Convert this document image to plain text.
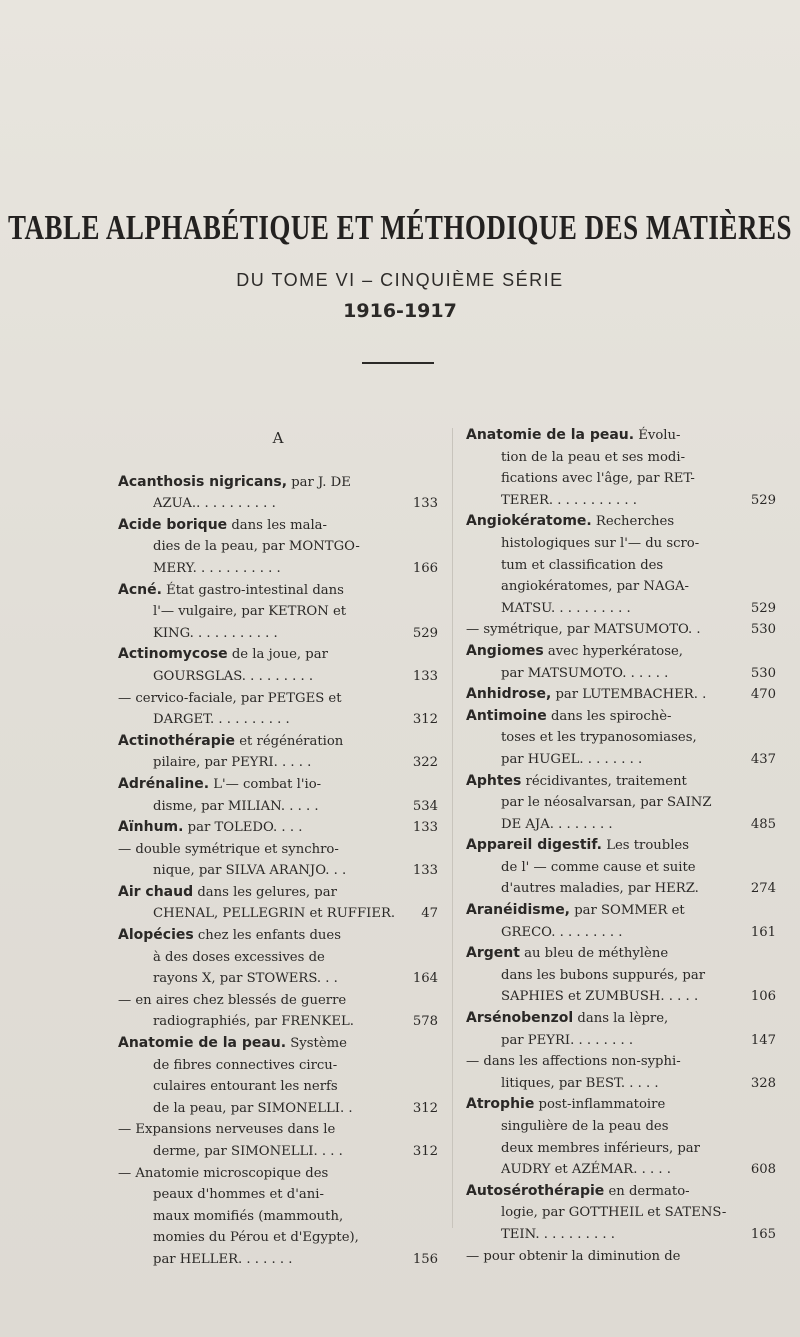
TABLE ALPHABÉTIQUE ET MÉTHODIQUE DES MATIÈRES
DU TOME VI – CINQUIÈME SÉRIE
1916-1917
A
Acanthosis nigricans, par J. DE
AZUA.. . . . . . . . . .	133
Acide borique dans les mala-
dies de la peau, par MONTGO-
MERY. . . . . . . . . . .	166
Acné. État gastro-intestinal dans
l'— vulgaire, par KETRON et
KING. . . . . . . . . . .	529
Actinomycose de la joue, par
GOURSGLAS. . . . . . . . .	133
— cervico-faciale, par PETGES et
DARGET. . . . . . . . . .	312
Actinothérapie et régénération
pilaire, par PEYRI. . . . .	322
Adrénaline. L'— combat l'io-
disme, par MILIAN. . . . .	534
Aïnhum. par TOLEDO. . . .	133
— double symétrique et synchro-
nique, par SILVA ARANJO. . .	133
Air chaud dans les gelures, par
CHENAL, PELLEGRIN et RUFFIER.	47
Alopécies chez les enfants dues
à des doses excessives de
rayons X, par STOWERS. . .	164
— en aires chez blessés de guerre
radiographiés, par FRENKEL.	578
Anatomie de la peau. Système
de fibres connectives circu-
culaires entourant les nerfs
de la peau, par SIMONELLI. .	312
— Expansions nerveuses dans le
derme, par SIMONELLI. . . .	312
— Anatomie microscopique des
peaux d'hommes et d'ani-
maux momifiés (mammouth,
momies du Pérou et d'Egypte),
par HELLER. . . . . . .	156
Anatomie de la peau. Évolu-
tion de la peau et ses modi-
fications avec l'âge, par RET-
TERER. . . . . . . . . . .	529
Angiokératome. Recherches
histologiques sur l'— du scro-
tum et classification des
angiokératomes, par NAGA-
MATSU. . . . . . . . . .	529
— symétrique, par MATSUMOTO. .	530
Angiomes avec hyperkératose,
par MATSUMOTO. . . . . .	530
Anhidrose, par LUTEMBACHER. .	470
Antimoine dans les spirochè-
toses et les trypanosomiases,
par HUGEL. . . . . . . .	437
Aphtes récidivantes, traitement
par le néosalvarsan, par SAINZ
DE AJA. . . . . . . .	485
Appareil digestif. Les troubles
de l' — comme cause et suite
d'autres maladies, par HERZ.	274
Aranéidisme, par SOMMER et
GRECO. . . . . . . . .	161
Argent au bleu de méthylène
dans les bubons suppurés, par
SAPHIES et ZUMBUSH. . . . .	106
Arsénobenzol dans la lèpre,
par PEYRI. . . . . . . .	147
— dans les affections non-syphi-
litiques, par BEST. . . . .	328
Atrophie post-inflammatoire
singulière de la peau des
deux membres inférieurs, par
AUDRY et AZÉMAR. . . . .	608
Autosérothérapie en dermato-
logie, par GOTTHEIL et SATENS-
TEIN. . . . . . . . . .	165
— pour obtenir la diminution de
